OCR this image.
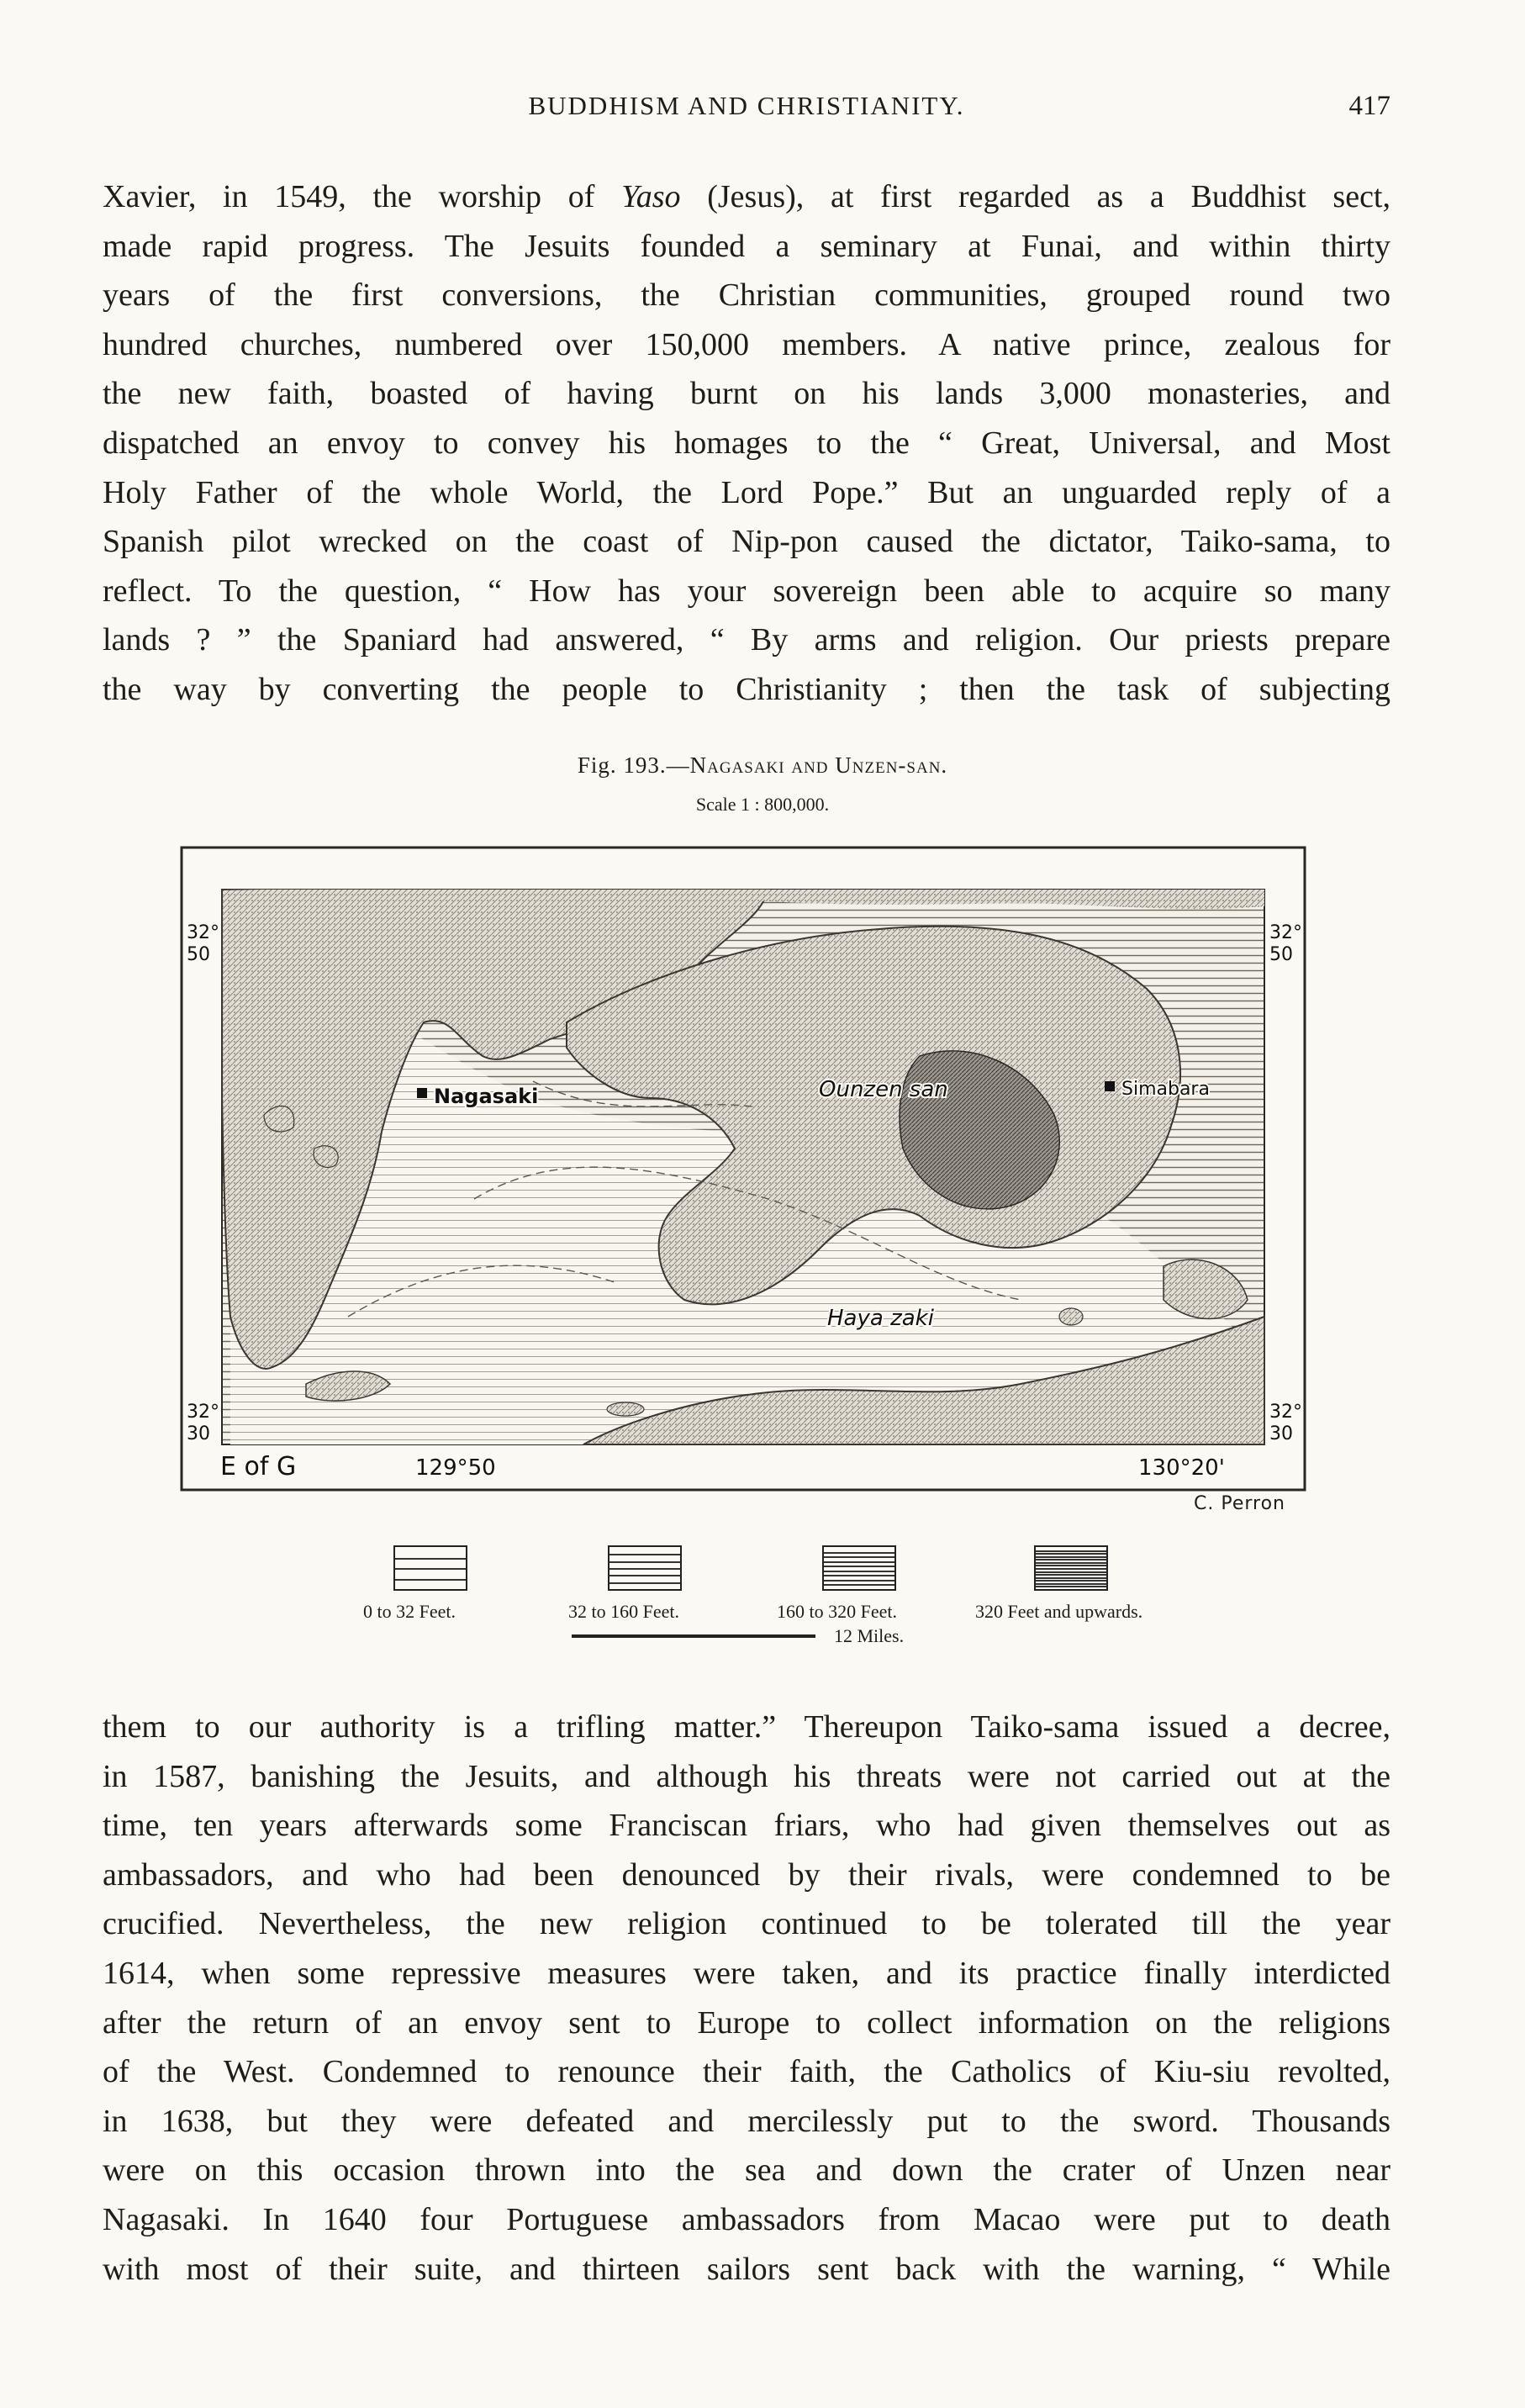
BUDDHISM AND CHRISTIANITY.	417
Xavier, in 1549, the worship of Yaso (Jesus), at first regarded as a Buddhist sect,
made rapid progress. The Jesuits founded a seminary at Funai, and within thirty
years of the first conversions, the Christian communities, grouped round two
hundred churches, numbered over 150,000 members. A native prince, zealous for
the new faith, boasted of having burnt on his lands 3,000 monasteries, and
dispatched an envoy to convey his homages to the “ Great, Universal, and Most
Holy Father of the whole World, the Lord Pope.” But an unguarded reply of a
Spanish pilot wrecked on the coast of Nip-pon caused the dictator, Taiko-sama, to
reflect. To the question, “ How has your sovereign been able to acquire so many
lands ? ” the Spaniard had answered, “ By arms and religion. Our priests prepare
the way by converting the people to Christianity ; then the task of subjecting
Fig. 193.—Nagasaki and Unzen-san.
Scale 1 : 800,000.
Nagasaki	Ounzen san	Simabara
Haya zaki
32°
50
32°
50
32°
30
32°
30
E of G	129°50	130°20'
C. Perron
0 to 32 Feet.	32 to 160 Feet.	160 to 320 Feet.	320 Feet and upwards.
12 Miles.
them to our authority is a trifling matter.” Thereupon Taiko-sama issued a decree,
in 1587, banishing the Jesuits, and although his threats were not carried out at the
time, ten years afterwards some Franciscan friars, who had given themselves out as
ambassadors, and who had been denounced by their rivals, were condemned to be
crucified. Nevertheless, the new religion continued to be tolerated till the year
1614, when some repressive measures were taken, and its practice finally interdicted
after the return of an envoy sent to Europe to collect information on the religions
of the West. Condemned to renounce their faith, the Catholics of Kiu-siu revolted,
in 1638, but they were defeated and mercilessly put to the sword. Thousands
were on this occasion thrown into the sea and down the crater of Unzen near
Nagasaki. In 1640 four Portuguese ambassadors from Macao were put to death
with most of their suite, and thirteen sailors sent back with the warning, “ While
